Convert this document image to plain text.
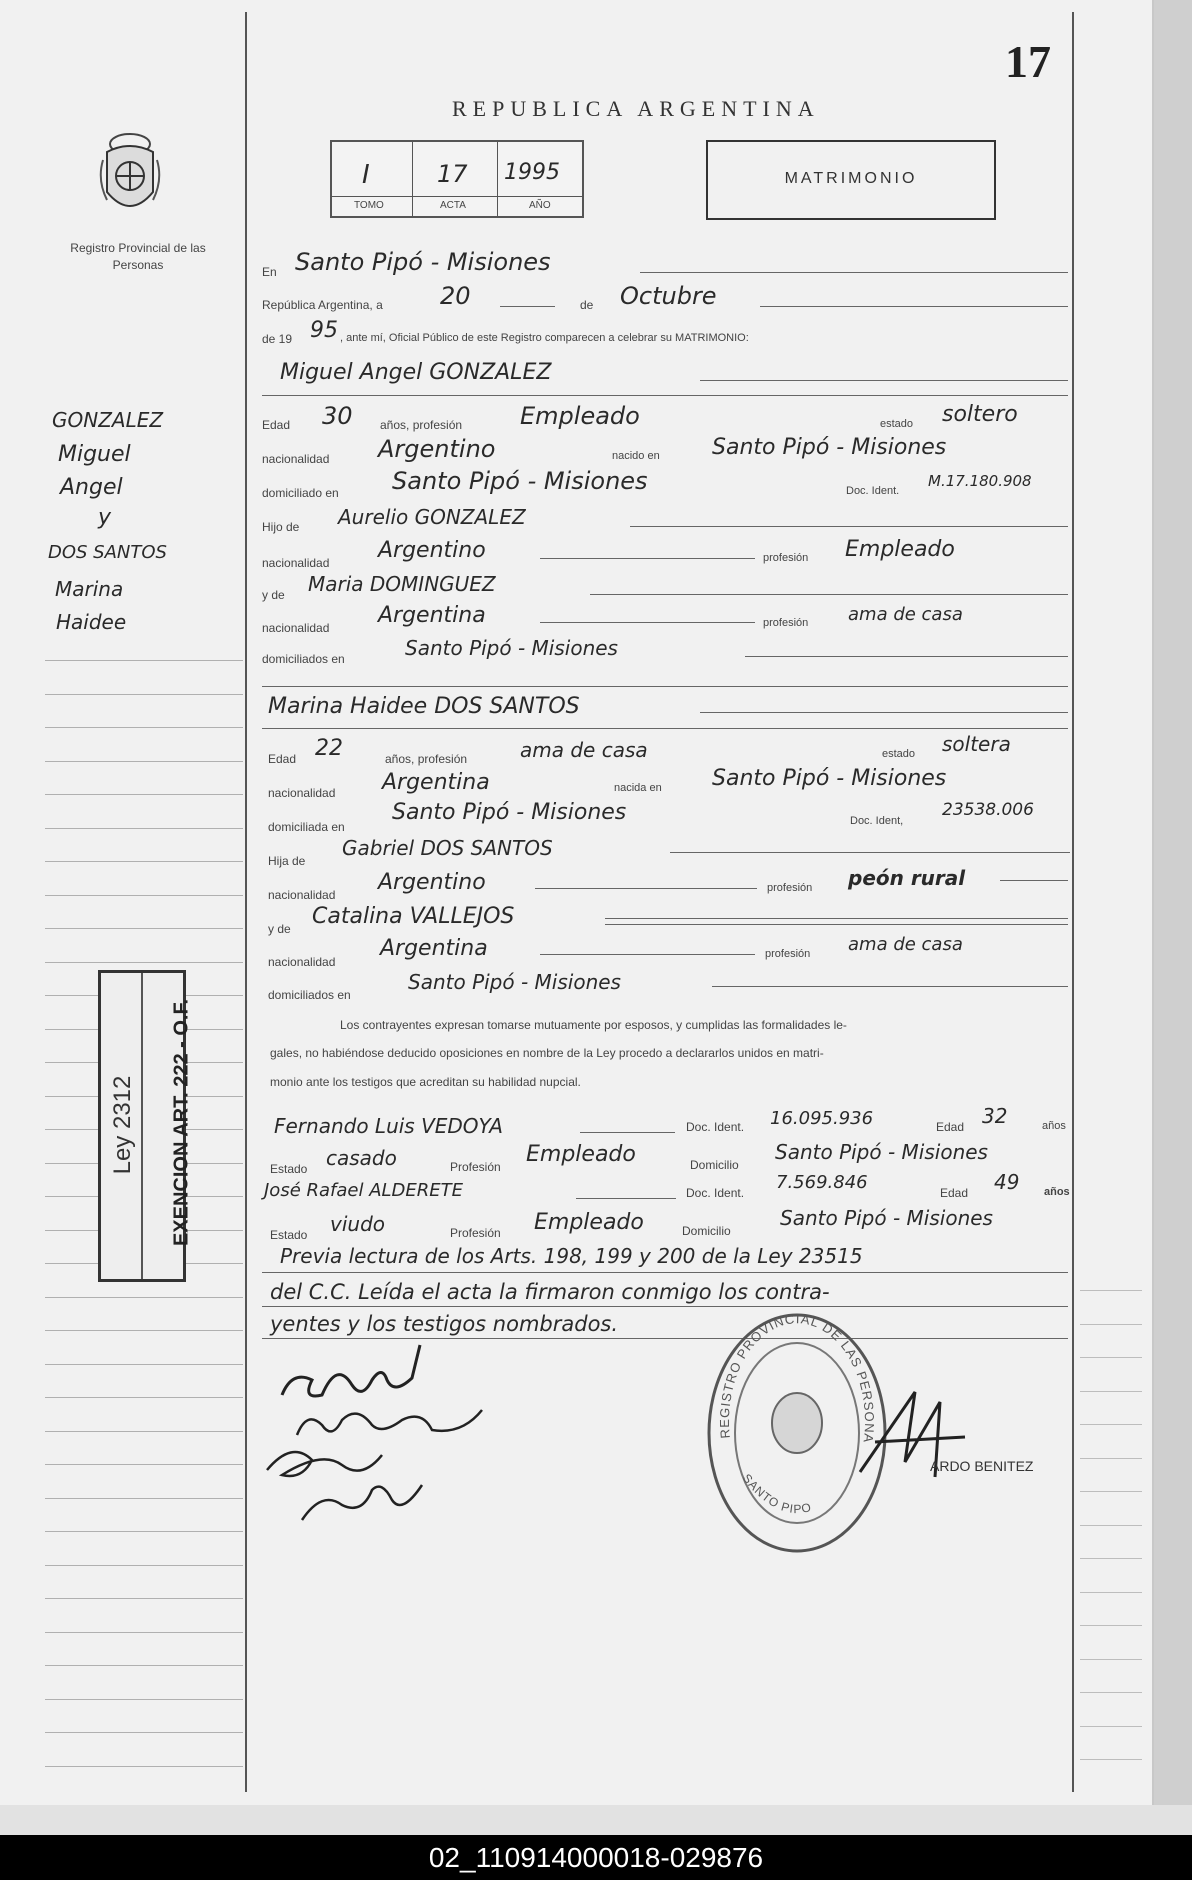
17
REPUBLICA ARGENTINA
Registro Provincial de las Personas
I	17 1995
TOMO	ACTA	AÑO
MATRIMONIO
GONZALEZ
Miguel
Angel
y
DOS SANTOS
Marina
Haidee
Ley 2312 EXENCION ART. 222 - O.F.
En Santo Pipó - Misiones
República Argentina, a 20	de Octubre
de 19 95 , ante mí, Oficial Público de este Registro comparecen a celebrar su MATRIMONIO:
Miguel Angel GONZALEZ
Edad 30 años, profesión Empleado	estado soltero
nacionalidad Argentino	nacido en Santo Pipó - Misiones
domiciliado en Santo Pipó - Misiones	Doc. Ident.
M.17.180.908
Hijo de Aurelio GONZALEZ
nacionalidad Argentino	profesión Empleado
y de Maria DOMINGUEZ
nacionalidad Argentina	profesión ama de casa
domiciliados en	Santo Pipó - Misiones
Marina Haidee DOS SANTOS
Edad 22	años, profesión	ama de casa	estado soltera
nacionalidad Argentina	nacida en Santo Pipó - Misiones
domiciliada en
Santo Pipó - Misiones	Doc. Ident,
23538.006
Hija de
Gabriel DOS SANTOS
nacionalidad Argentino	profesión peón rural
y de Catalina VALLEJOS
nacionalidad
Argentina	profesión ama de casa
domiciliados en
Santo Pipó - Misiones
Los contrayentes expresan tomarse mutuamente por esposos, y cumplidas las formalidades le-
gales, no habiéndose deducido oposiciones en nombre de la Ley procedo a declararlos unidos en matri-
monio ante los testigos que acreditan su habilidad nupcial.
Fernando Luis VEDOYA	Doc. Ident. 16.095.936	Edad 32	años
Estado casado	Profesión Empleado	Domicilio
Santo Pipó - Misiones
José Rafael ALDERETE	Doc. Ident. 7.569.846	Edad 49 años
Estado viudo	Profesión Empleado	Domicilio
Santo Pipó - Misiones
Previa lectura de los Arts. 198, 199 y 200 de la Ley 23515
del C.C. Leída el acta la firmaron conmigo los contra-
yentes y los testigos nombrados.
REGISTRO PROVINCIAL DE LAS PERSONA
SANTO PIPO
ARDO BENITEZ
02_110914000018-029876
